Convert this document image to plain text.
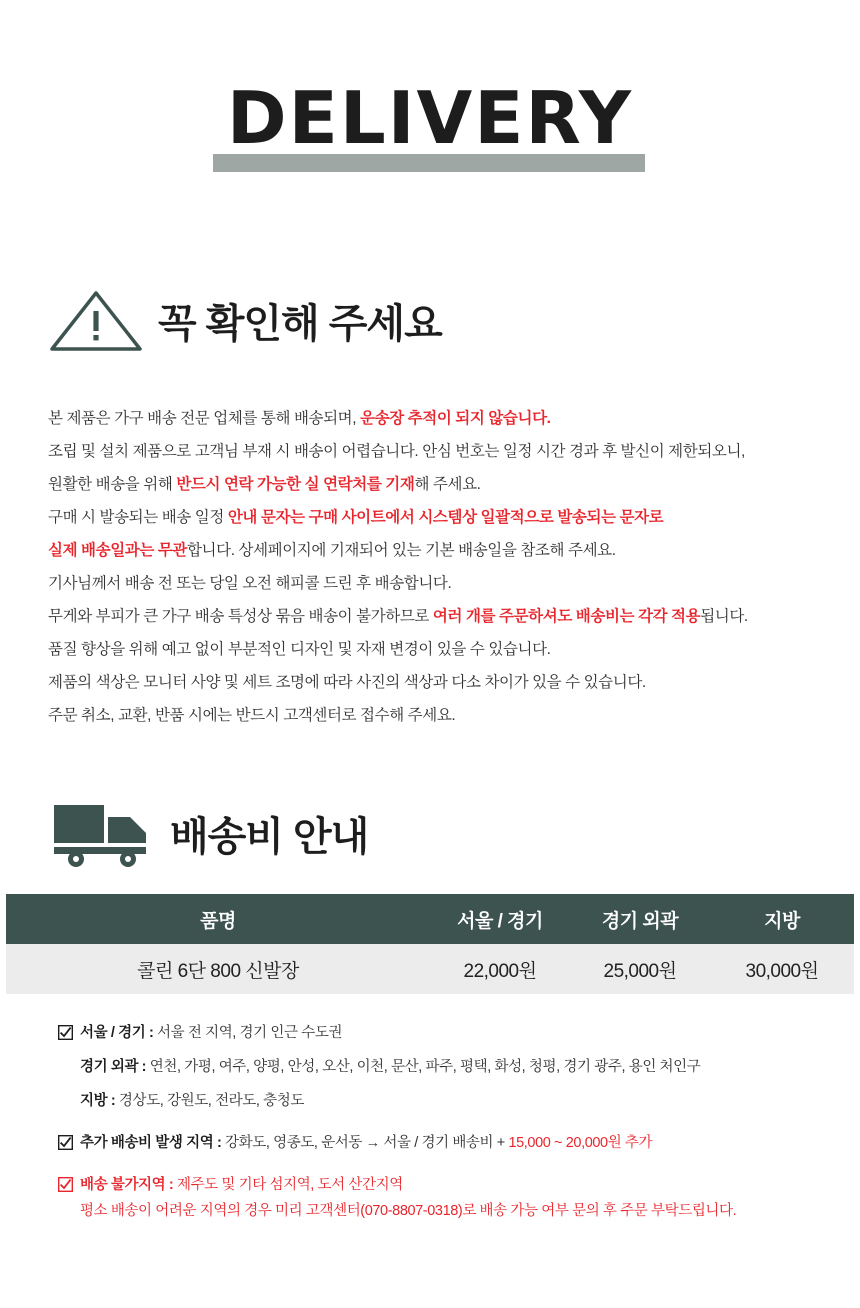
DELIVERY
꼭 확인해 주세요
본 제품은 가구 배송 전문 업체를 통해 배송되며, 운송장 추적이 되지 않습니다.
조립 및 설치 제품으로 고객님 부재 시 배송이 어렵습니다. 안심 번호는 일정 시간 경과 후 발신이 제한되오니,
원활한 배송을 위해 반드시 연락 가능한 실 연락처를 기재해 주세요.
구매 시 발송되는 배송 일정 안내 문자는 구매 사이트에서 시스템상 일괄적으로 발송되는 문자로
실제 배송일과는 무관합니다. 상세페이지에 기재되어 있는 기본 배송일을 참조해 주세요.
기사님께서 배송 전 또는 당일 오전 해피콜 드린 후 배송합니다.
무게와 부피가 큰 가구 배송 특성상 묶음 배송이 불가하므로 여러 개를 주문하셔도 배송비는 각각 적용됩니다.
품질 향상을 위해 예고 없이 부분적인 디자인 및 자재 변경이 있을 수 있습니다.
제품의 색상은 모니터 사양 및 세트 조명에 따라 사진의 색상과 다소 차이가 있을 수 있습니다.
주문 취소, 교환, 반품 시에는 반드시 고객센터로 접수해 주세요.
배송비 안내
품명	서울 / 경기	경기 외곽	지방
콜린 6단 800 신발장	22,000원	25,000원	30,000원
서울 / 경기 : 서울 전 지역, 경기 인근 수도권
경기 외곽 : 연천, 가평, 여주, 양평, 안성, 오산, 이천, 문산, 파주, 평택, 화성, 청평, 경기 광주, 용인 처인구
지방 : 경상도, 강원도, 전라도, 충청도
추가 배송비 발생 지역 : 강화도, 영종도, 운서동 → 서울 / 경기 배송비 + 15,000 ~ 20,000원 추가
배송 불가지역 : 제주도 및 기타 섬지역, 도서 산간지역
평소 배송이 어려운 지역의 경우 미리 고객센터(070-8807-0318)로 배송 가능 여부 문의 후 주문 부탁드립니다.
